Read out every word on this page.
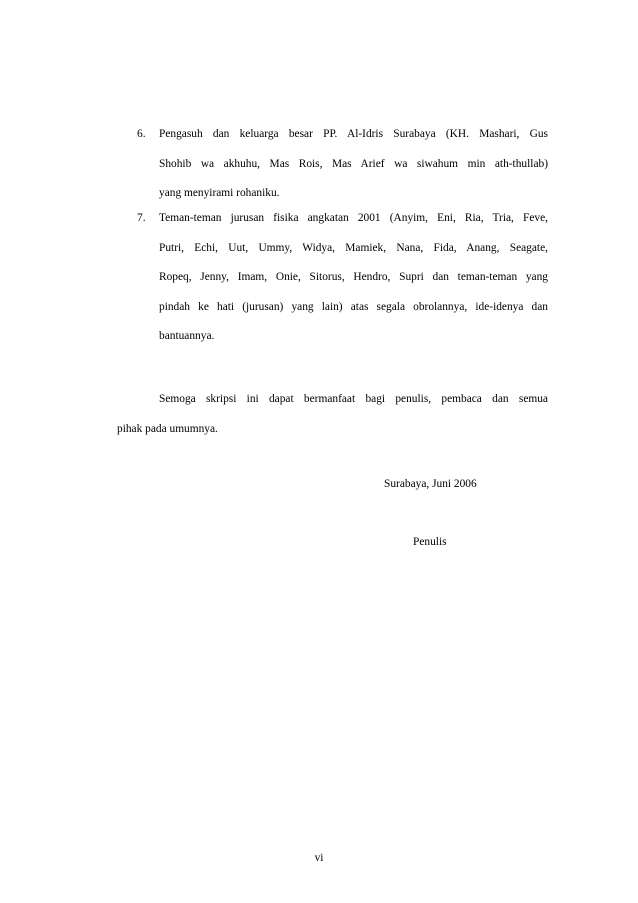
6.	Pengasuh dan keluarga besar PP. Al-Idris Surabaya (KH. Mashari, Gus
Shohib wa akhuhu, Mas Rois, Mas Arief wa siwahum min ath-thullab)
yang menyirami rohaniku.
7.	Teman-teman jurusan fisika angkatan 2001 (Anyim, Eni, Ria, Tria, Feve,
Putri, Echi, Uut, Ummy, Widya, Mamiek, Nana, Fida, Anang, Seagate,
Ropeq, Jenny, Imam, Onie, Sitorus, Hendro, Supri dan teman-teman yang
pindah ke hati (jurusan) yang lain) atas segala obrolannya, ide-idenya dan
bantuannya.
Semoga skripsi ini dapat bermanfaat bagi penulis, pembaca dan semua
pihak pada umumnya.
Surabaya, Juni 2006
Penulis
vi
